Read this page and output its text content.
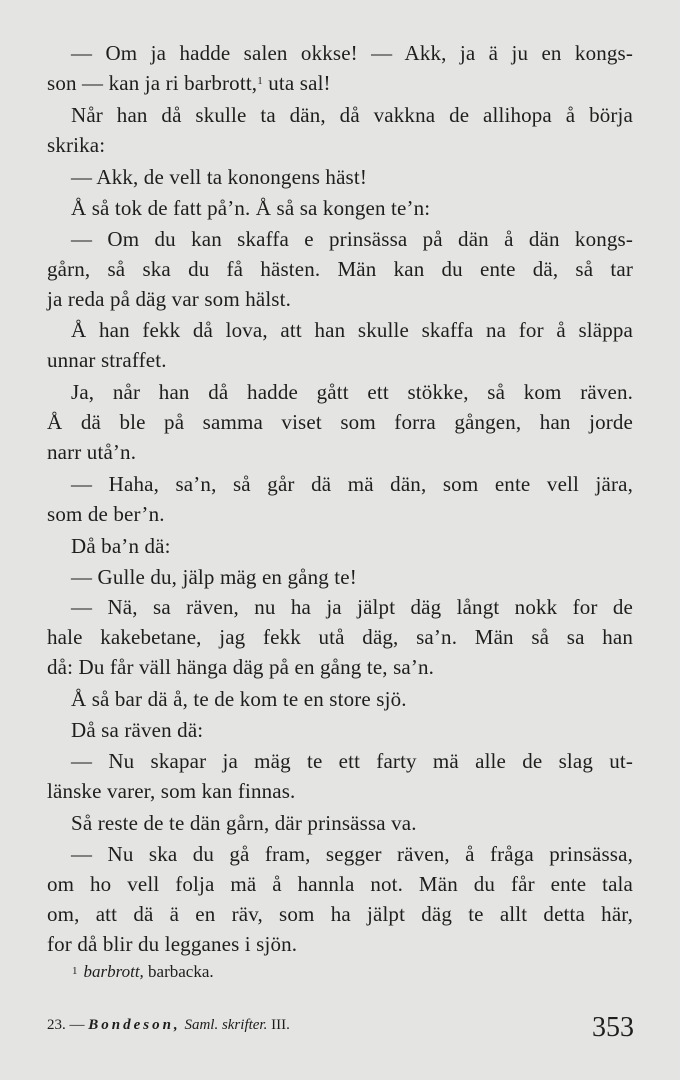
— Om ja hadde salen okkse! — Akk, ja ä ju en kongs-
son — kan ja ri barbrott,$^1$ uta sal!
Når han då skulle ta dän, då vakkna de allihopa å börja
skrika:
— Akk, de vell ta konongens häst!
Å så tok de fatt på’n. Å så sa kongen te’n:
— Om du kan skaffa e prinsässa på dän å dän kongs-
gårn, så ska du få hästen. Män kan du ente dä, så tar
ja reda på däg var som hälst.
Å han fekk då lova, att han skulle skaffa na for å släppa
unnar straffet.
Ja, når han då hadde gått ett stökke, så kom räven.
Å dä ble på samma viset som forra gången, han jorde
narr utå’n.
— Haha, sa’n, så går dä mä dän, som ente vell jära,
som de ber’n.
Då ba’n dä:
— Gulle du, jälp mäg en gång te!
— Nä, sa räven, nu ha ja jälpt däg långt nokk for de
hale kakebetane, jag fekk utå däg, sa’n. Män så sa han
då: Du får väll hänga däg på en gång te, sa’n.
Å så bar dä å, te de kom te en store sjö.
Då sa räven dä:
— Nu skapar ja mäg te ett farty mä alle de slag ut-
länske varer, som kan finnas.
Så reste de te dän gårn, där prinsässa va.
— Nu ska du gå fram, segger räven, å fråga prinsässa,
om ho vell folja mä å hannla not. Män du får ente tala
om, att dä ä en räv, som ha jälpt däg te allt detta här,
for då blir du legganes i sjön.
$^1$ barbrott, barbacka.
23. — Bondeson, Saml. skrifter. III.	353
